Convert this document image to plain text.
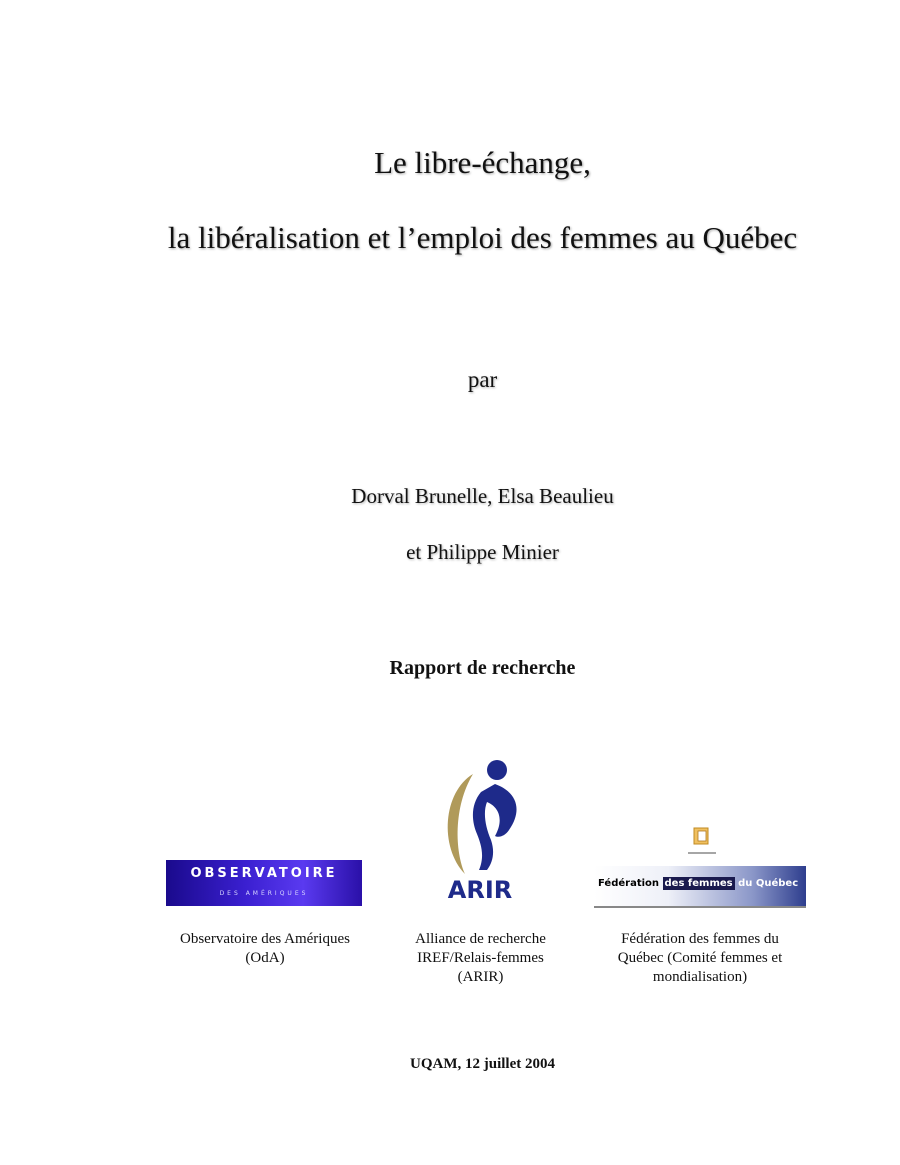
Le libre-échange,
la libéralisation et l’emploi des femmes au Québec
par
Dorval Brunelle, Elsa Beaulieu
et Philippe Minier
Rapport de recherche
OBSERVATOIRE
DES AMÉRIQUES	ARIR	Fédération des femmes du Québec
Observatoire des Amériques
(OdA)
Alliance de recherche
IREF/Relais-femmes
(ARIR)
Fédération des femmes du
Québec (Comité femmes et
mondialisation)
UQAM, 12 juillet 2004
